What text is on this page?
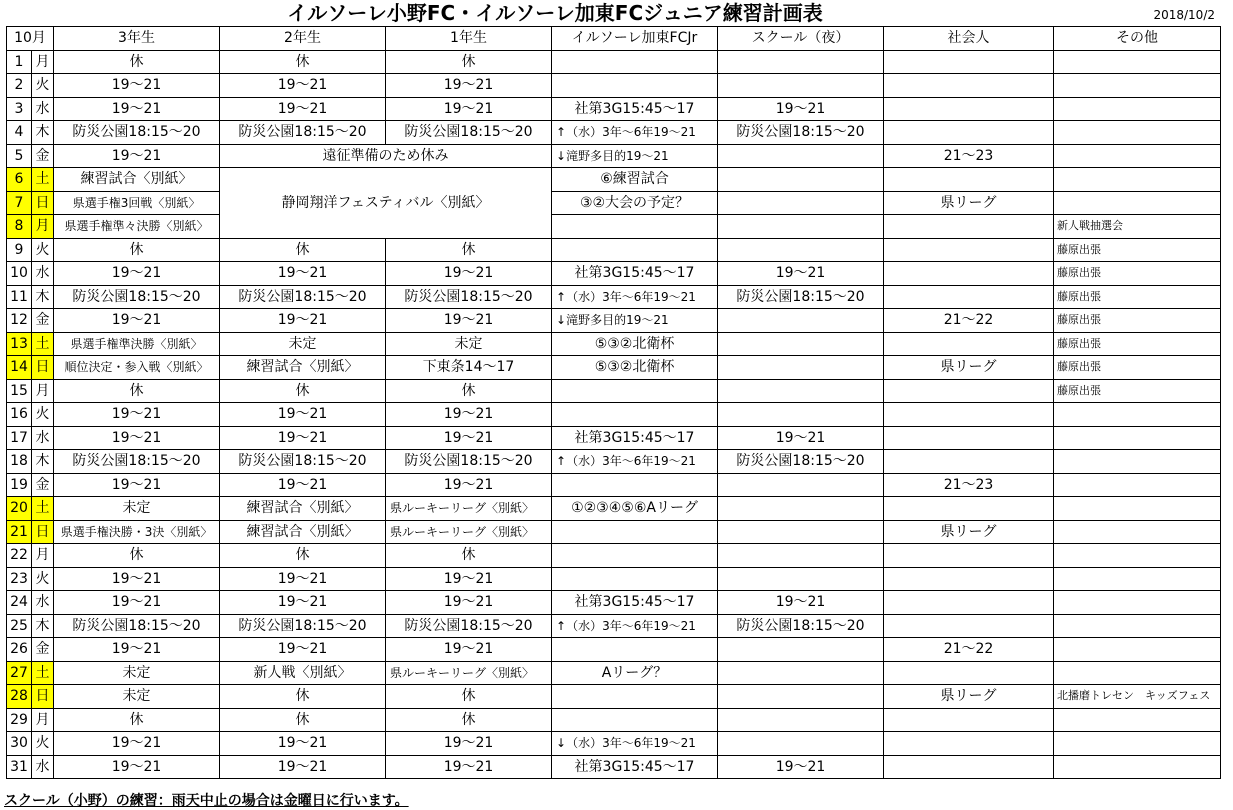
イルソーレ小野FC・イルソーレ加東FCジュニア練習計画表	2018/10/2
10月		3年生	2年生	1年生	イルソーレ加東FCJr	スクール（夜）	社会人	その他
1	月	休	休	休				
2	火	19～21	19～21	19～21				
3	水	19～21	19～21	19～21	社第3G15:45～17	19～21		
4	木	防災公園18:15～20	防災公園18:15～20	防災公園18:15～20	↑（水）3年～6年19～21	防災公園18:15～20		
5	金	19～21	遠征準備のため休み		↓滝野多目的19～21		21～23	
6	土	練習試合〈別紙〉	静岡翔洋フェスティバル〈別紙〉		⑥練習試合			
7	日	県選手権3回戦〈別紙〉			③②大会の予定？		県リーグ	
8	月	県選手権準々決勝〈別紙〉						新人戦抽選会
9	火	休	休	休				藤原出張
10	水	19～21	19～21	19～21	社第3G15:45～17	19～21		藤原出張
11	木	防災公園18:15～20	防災公園18:15～20	防災公園18:15～20	↑（水）3年～6年19～21	防災公園18:15～20		藤原出張
12	金	19～21	19～21	19～21	↓滝野多目的19～21		21～22	藤原出張
13	土	県選手権準決勝〈別紙〉	未定	未定	⑤③②北衛杯			藤原出張
14	日	順位決定・参入戦〈別紙〉	練習試合〈別紙〉	下東条14～17	⑤③②北衛杯		県リーグ	藤原出張
15	月	休	休	休				藤原出張
16	火	19～21	19～21	19～21				
17	水	19～21	19～21	19～21	社第3G15:45～17	19～21		
18	木	防災公園18:15～20	防災公園18:15～20	防災公園18:15～20	↑（水）3年～6年19～21	防災公園18:15～20		
19	金	19～21	19～21	19～21			21～23	
20	土	未定	練習試合〈別紙〉	県ルーキーリーグ〈別紙〉	①②③④⑤⑥Aリーグ			
21	日	県選手権決勝・3決〈別紙〉	練習試合〈別紙〉	県ルーキーリーグ〈別紙〉			県リーグ	
22	月	休	休	休				
23	火	19～21	19～21	19～21				
24	水	19～21	19～21	19～21	社第3G15:45～17	19～21		
25	木	防災公園18:15～20	防災公園18:15～20	防災公園18:15～20	↑（水）3年～6年19～21	防災公園18:15～20		
26	金	19～21	19～21	19～21			21～22	
27	土	未定	新人戦〈別紙〉	県ルーキーリーグ〈別紙〉	Aリーグ？			
28	日	未定	休	休			県リーグ	北播磨トレセン　キッズフェス
29	月	休	休	休				
30	火	19～21	19～21	19～21	↓（水）3年～6年19～21			
31	水	19～21	19～21	19～21	社第3G15:45～17	19～21		
スクール（小野）の練習：雨天中止の場合は金曜日に行います。
